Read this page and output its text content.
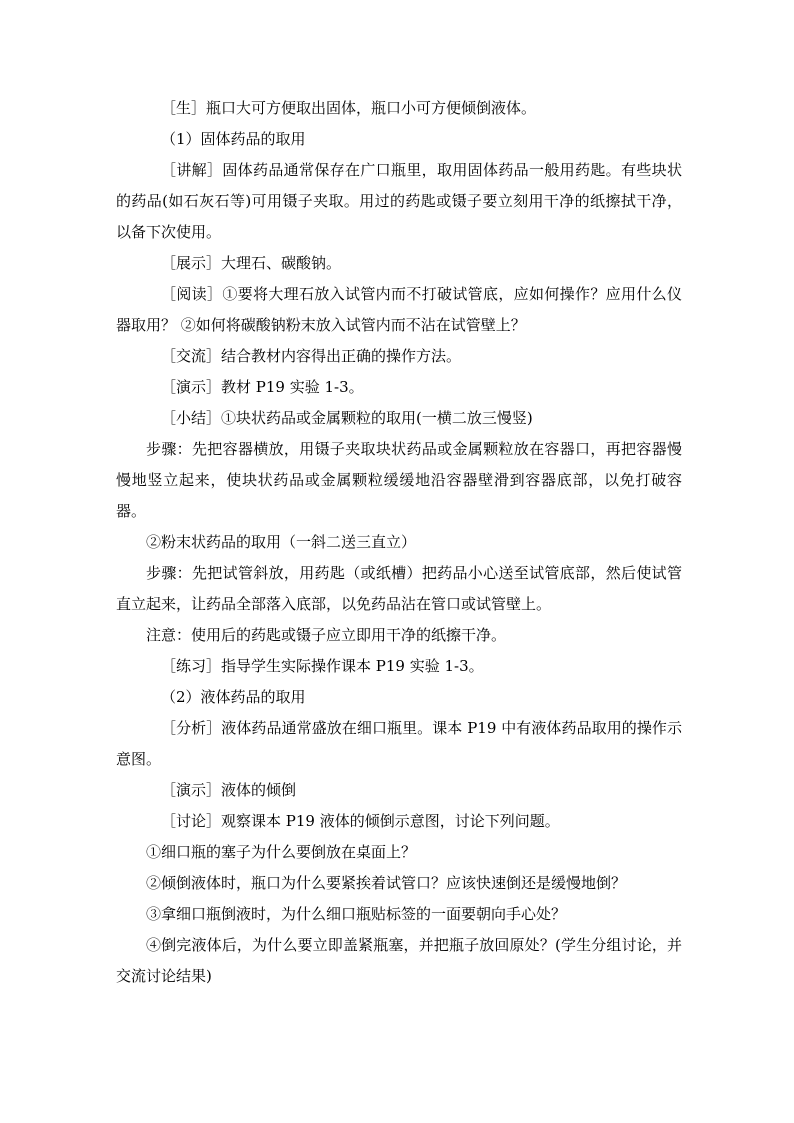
［生］瓶口大可方便取出固体，瓶口小可方便倾倒液体。

（1）固体药品的取用

［讲解］固体药品通常保存在广口瓶里，取用固体药品一般用药匙。有些块状的药品(如石灰石等)可用镊子夹取。用过的药匙或镊子要立刻用干净的纸擦拭干净，以备下次使用。

［展示］大理石、碳酸钠。

［阅读］①要将大理石放入试管内而不打破试管底，应如何操作？应用什么仪器取用？ ②如何将碳酸钠粉末放入试管内而不沾在试管壁上？

［交流］结合教材内容得出正确的操作方法。

［演示］教材 P19 实验 1-3。

［小结］①块状药品或金属颗粒的取用(一横二放三慢竖)

步骤：先把容器横放，用镊子夹取块状药品或金属颗粒放在容器口，再把容器慢慢地竖立起来，使块状药品或金属颗粒缓缓地沿容器壁滑到容器底部，以免打破容器。

②粉末状药品的取用（一斜二送三直立）

步骤：先把试管斜放，用药匙（或纸槽）把药品小心送至试管底部，然后使试管直立起来，让药品全部落入底部，以免药品沾在管口或试管壁上。

注意：使用后的药匙或镊子应立即用干净的纸擦干净。

［练习］指导学生实际操作课本 P19 实验 1-3。

（2）液体药品的取用

［分析］液体药品通常盛放在细口瓶里。课本 P19 中有液体药品取用的操作示意图。

［演示］液体的倾倒

［讨论］观察课本 P19 液体的倾倒示意图，讨论下列问题。

①细口瓶的塞子为什么要倒放在桌面上？

②倾倒液体时，瓶口为什么要紧挨着试管口？应该快速倒还是缓慢地倒？

③拿细口瓶倒液时，为什么细口瓶贴标签的一面要朝向手心处？

④倒完液体后，为什么要立即盖紧瓶塞，并把瓶子放回原处？(学生分组讨论，并交流讨论结果)
